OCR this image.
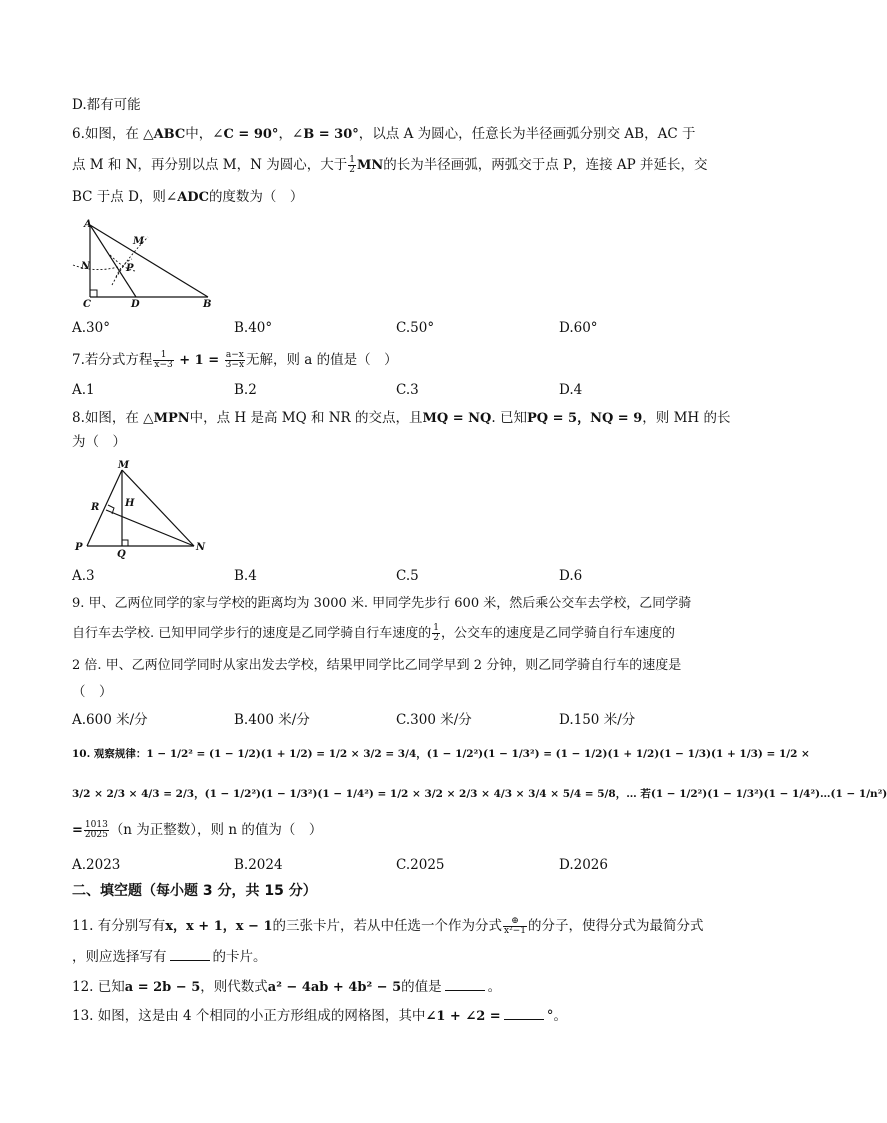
D.都有可能
6.如图，在 △ABC中，∠C = 90°，∠B = 30°，以点 A 为圆心，任意长为半径画弧分别交 AB，AC 于
点 M 和 N，再分别以点 M，N 为圆心，大于 $\frac{1}{2}$ MN的长为半径画弧，两弧交于点 P，连接 AP 并延长，交
BC 于点 D，则∠ADC的度数为（　）
A
M
N	P
C	D	B
A.30°	B.40°	C.50°	D.60°
7.若分式方程 $\frac{1}{x-3} + 1 = \frac{a-x}{3-x}$ 无解，则 a 的值是（　）
A.1	B.2	C.3	D.4
8.如图，在 △MPN中，点 H 是高 MQ 和 NR 的交点，且MQ = NQ. 已知PQ = 5，NQ = 9，则 MH 的长
为（　）
M
R	H
P
Q
N
A.3	B.4	C.5	D.6
9. 甲、乙两位同学的家与学校的距离均为 3000 米. 甲同学先步行 600 米，然后乘公交车去学校，乙同学骑
自行车去学校. 已知甲同学步行的速度是乙同学骑自行车速度的 $\frac{1}{2}$ ，公交车的速度是乙同学骑自行车速度的
2 倍. 甲、乙两位同学同时从家出发去学校，结果甲同学比乙同学早到 2 分钟，则乙同学骑自行车的速度是
（　）
A.600 米/分	B.400 米/分	C.300 米/分	D.150 米/分
10. 观察规律：1 − 1/2² = (1 − 1/2)(1 + 1/2) = 1/2 × 3/2 = 3/4，(1 − 1/2²)(1 − 1/3²) = (1 − 1/2)(1 + 1/2)(1 − 1/3)(1 + 1/3) = 1/2 ×
3/2 × 2/3 × 4/3 = 2/3，(1 − 1/2²)(1 − 1/3²)(1 − 1/4²) = 1/2 × 3/2 × 2/3 × 4/3 × 3/4 × 5/4 = 5/8，… 若(1 − 1/2²)(1 − 1/3²)(1 − 1/4²)…(1 − 1/n²)
= $\frac{1013}{2025} (n$ 为正整数），则 n 的值为（　）
A.2023	B.2024	C.2025	D.2026
二、填空题（每小题 3 分，共 15 分）
11. 有分别写有x，x + 1，x − 1的三张卡片，若从中任选一个作为分式 $\frac{\oplus}{\text{x²−1}}$ 的分子，使得分式为最简分式
，则应选择写有	的卡片。
12. 已知a = 2b − 5，则代数式a² − 4ab + 4b² − 5的值是	。
13. 如图，这是由 4 个相同的小正方形组成的网格图，其中∠1 + ∠2 =	°。
